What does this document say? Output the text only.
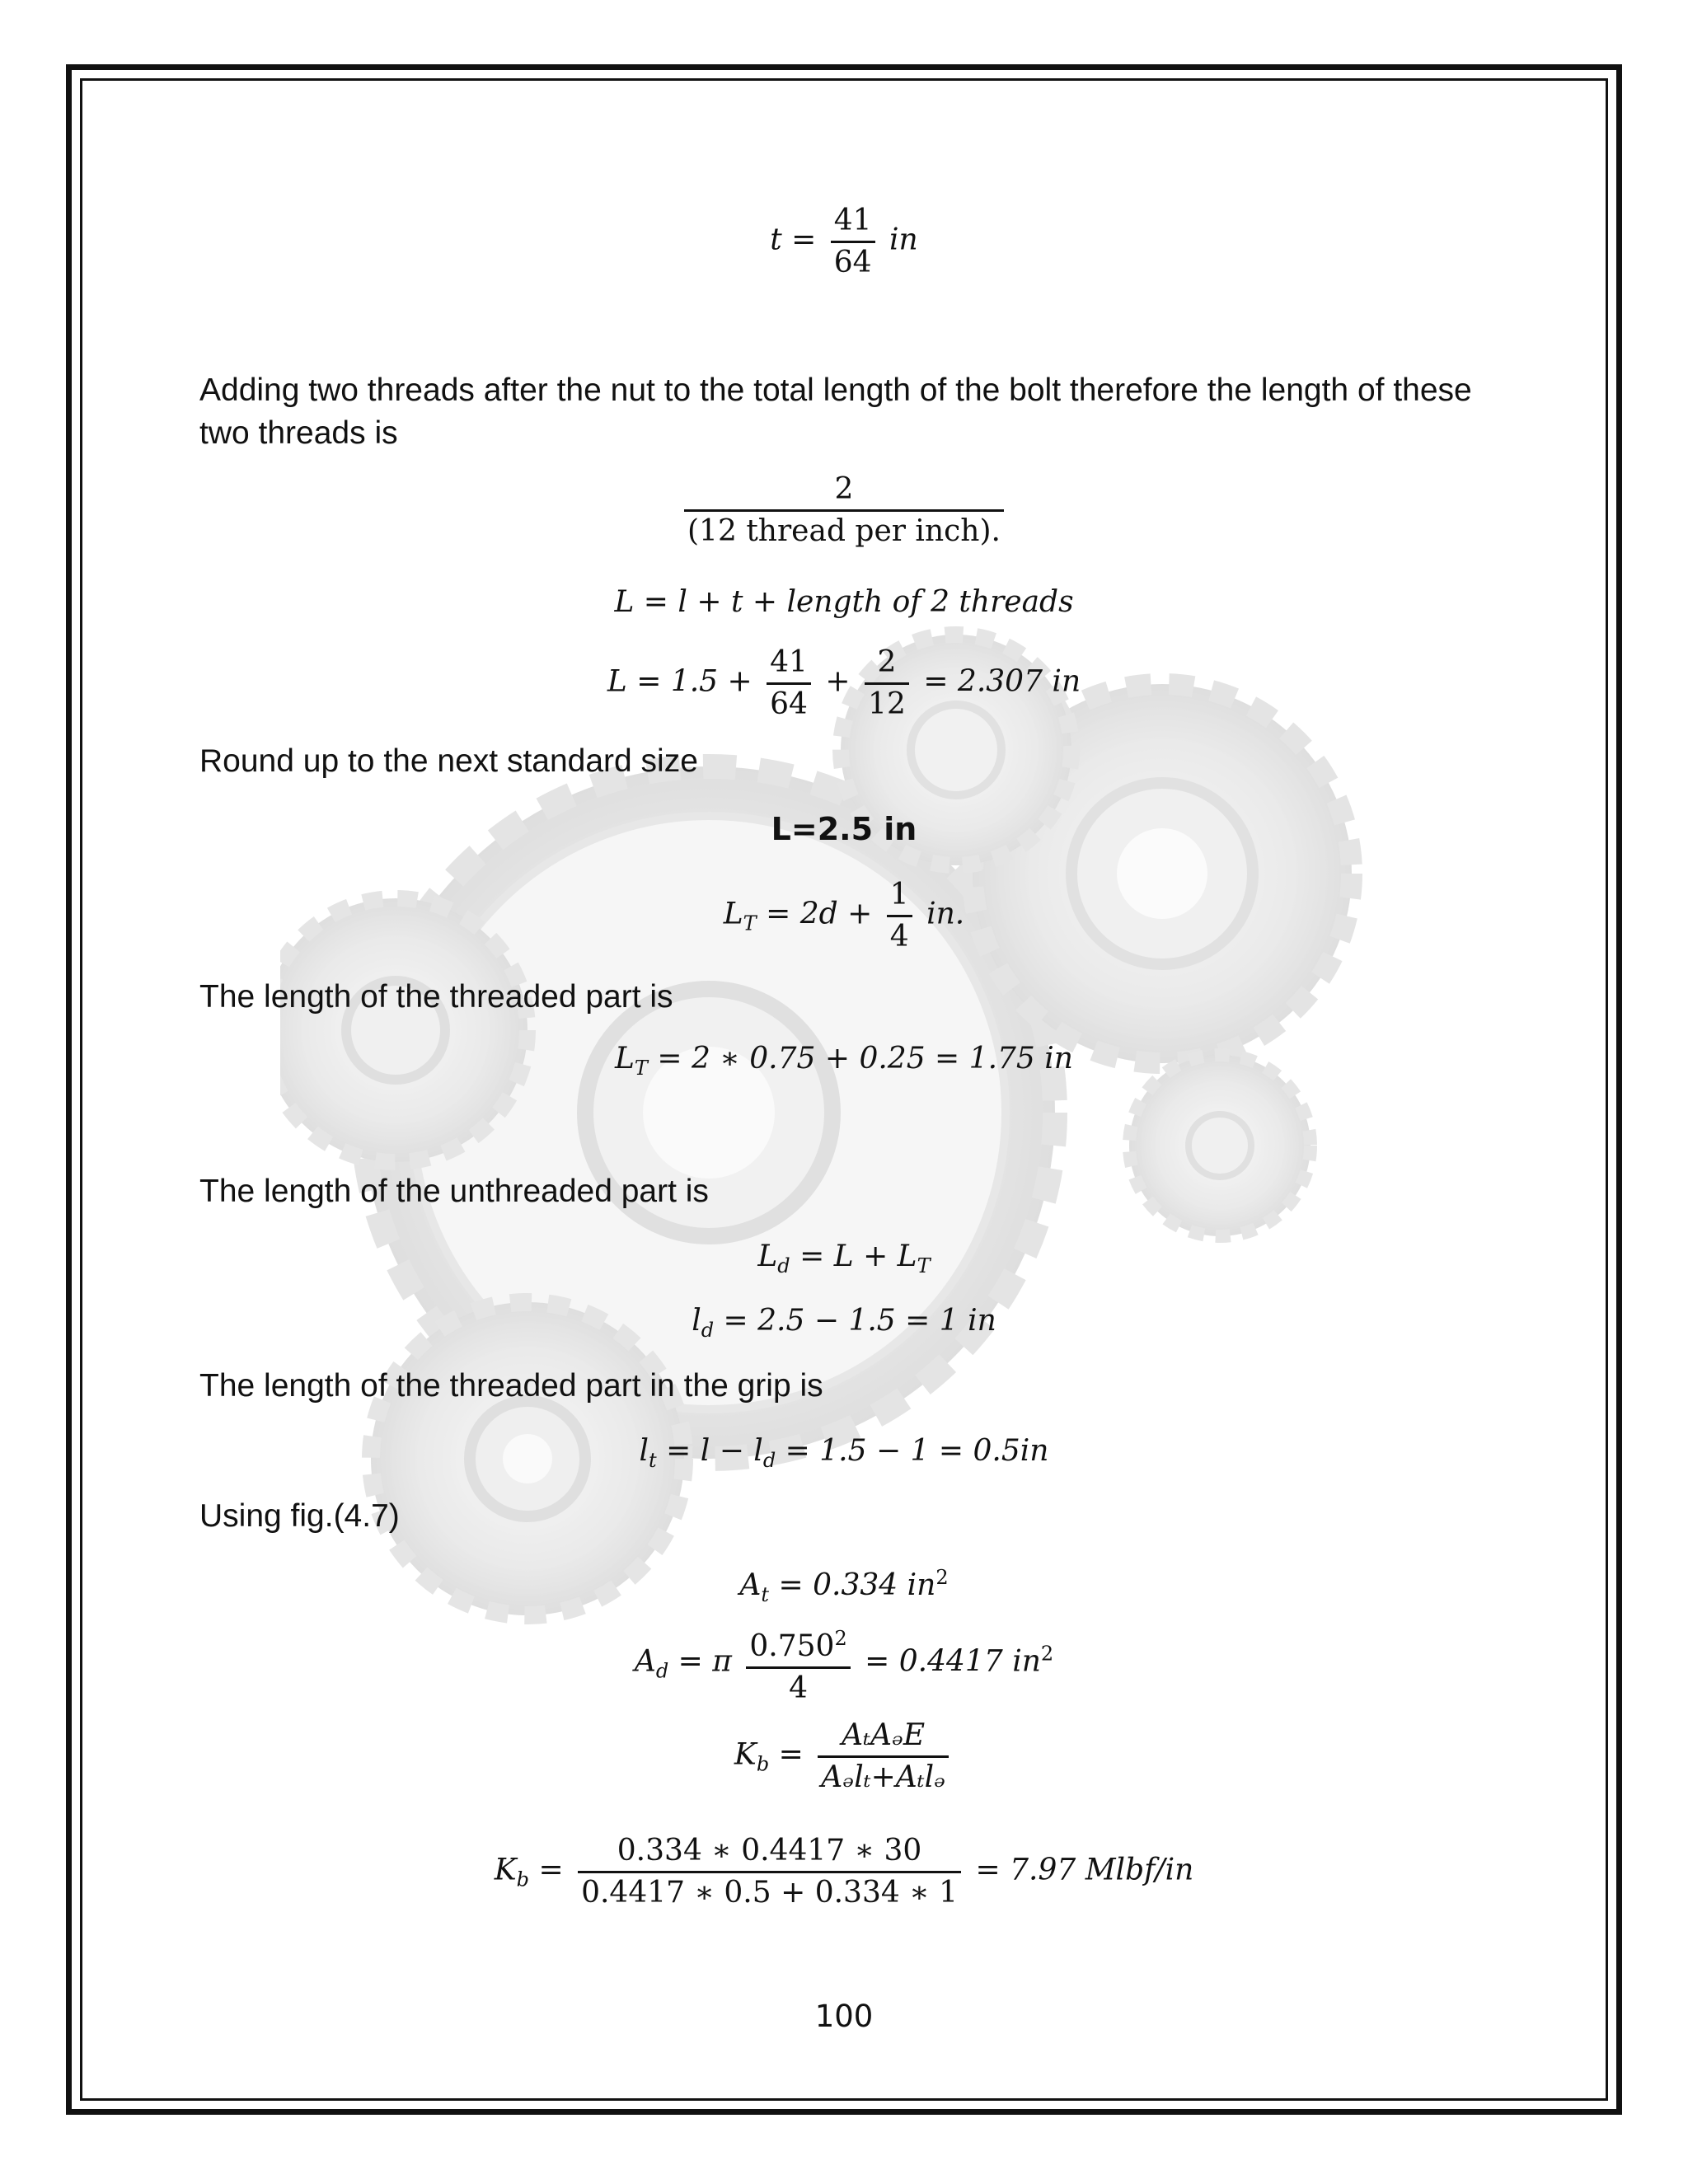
$t = \frac{41}{64}$ in
Adding two threads after the nut to the total length of the bolt therefore the length of these two threads is
$\frac{2}{\text{(12 thread per inch).}}$
L = l + t + length of 2 threads
$L = 1.5 + \frac{41}{64} + \frac{2}{12} = 2.307$ in
Round up to the next standard size
L=2.5 in
$L_T = 2d + \frac{1}{4}$ in.
The length of the threaded part is
$L_T = 2$ ∗ 0.75 + 0.25 = 1.75 in
The length of the unthreaded part is
$L_d = L + L_T$
$l_d = 2.5 - 1.5 = 1$ in
The length of the threaded part in the grip is
$l_t = l - l_d = 1.5 - 1 = 0.5in$
Using fig.(4.7)
$A_t = 0.334$ $in^2$
$A_d = \pi \frac{0.750^2}{4} = 0.4417$ $in^2$
$K_b = \frac{\text{AₜAₔE}}{\text{Aₔlₜ+Aₜlₔ}}$
$K_b = \frac{0.334 ∗ 0.4417 ∗ 30}{0.4417 ∗ 0.5 + 0.334 ∗ 1} = 7.97$ Mlbf/in
100
